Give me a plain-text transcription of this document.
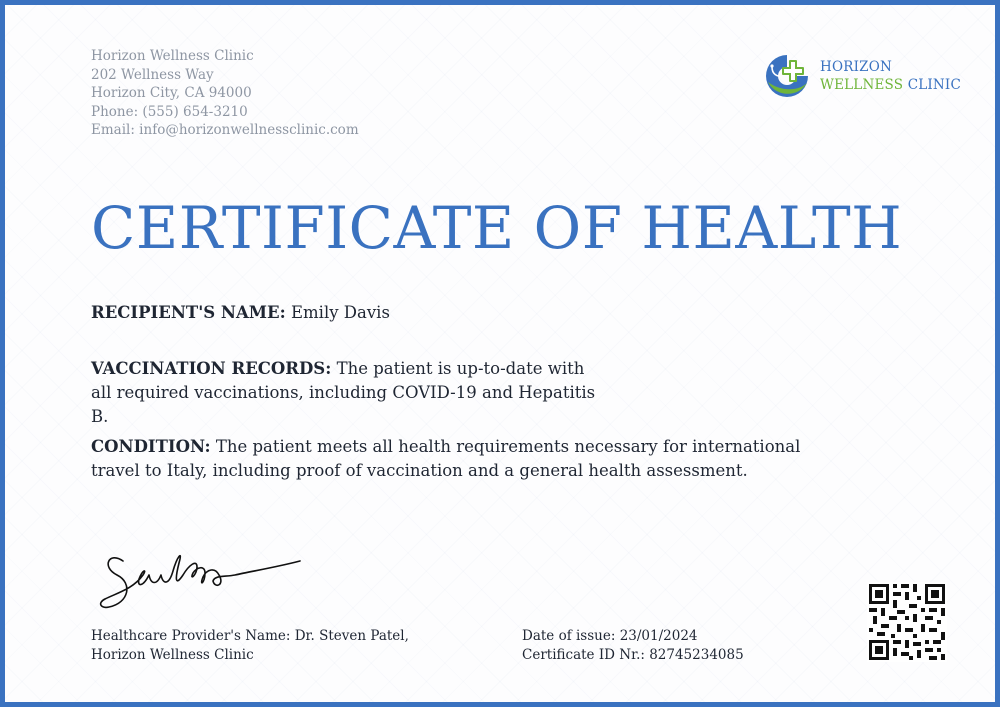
Horizon Wellness Clinic
202 Wellness Way
Horizon City, CA 94000
Phone: (555) 654-3210
Email: info@horizonwellnessclinic.com
HORIZON
WELLNESS CLINIC
CERTIFICATE OF HEALTH
RECIPIENT'S NAME: Emily Davis
VACCINATION RECORDS: The patient is up-to-date with all required vaccinations, including COVID-19 and Hepatitis B.
CONDITION: The patient meets all health requirements necessary for international travel to Italy, including proof of vaccination and a general health assessment.
Healthcare Provider's Name: Dr. Steven Patel,
Horizon Wellness Clinic
Date of issue: 23/01/2024
Certificate ID Nr.: 82745234085
